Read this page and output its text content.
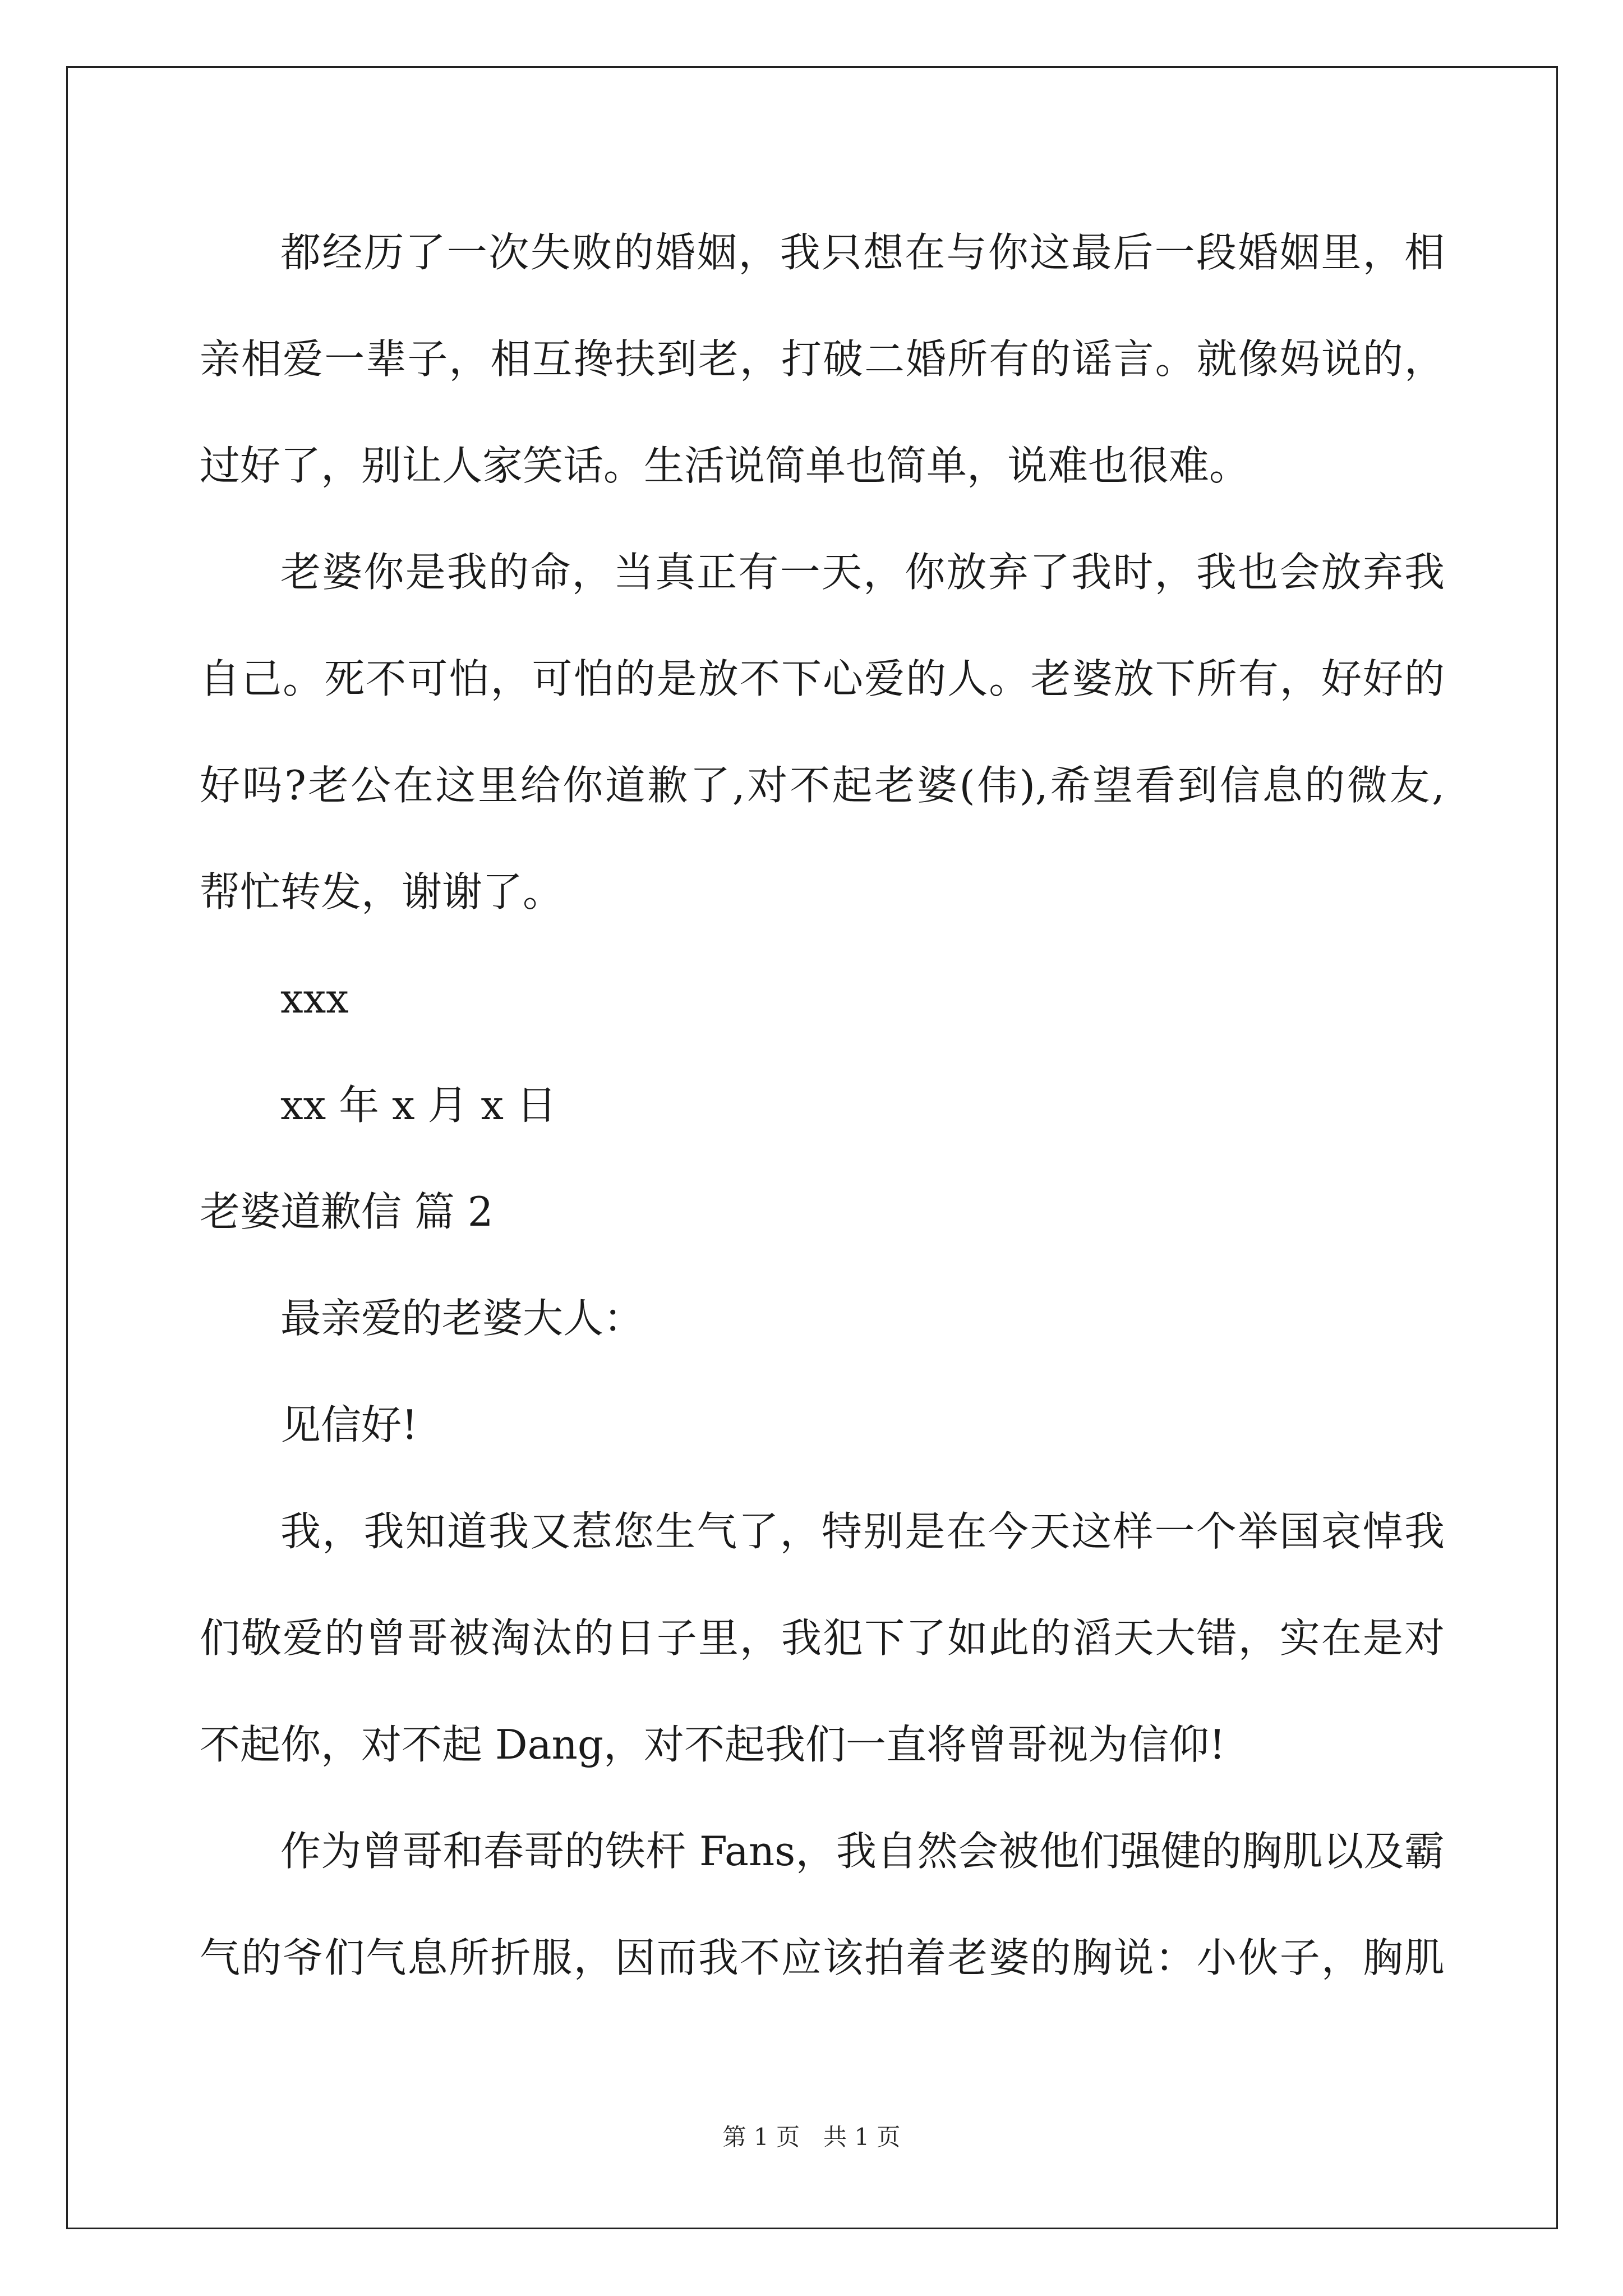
都经历了一次失败的婚姻，我只想在与你这最后一段婚姻里，相
亲相爱一辈子，相互搀扶到老，打破二婚所有的谣言。就像妈说的，
过好了，别让人家笑话。生活说简单也简单，说难也很难。
老婆你是我的命，当真正有一天，你放弃了我时，我也会放弃我
自己。死不可怕，可怕的是放不下心爱的人。老婆放下所有，好好的
好吗?老公在这里给你道歉了,对不起老婆(伟),希望看到信息的微友,
帮忙转发，谢谢了。
xxx
xx 年 x 月 x 日
老婆道歉信 篇 2
最亲爱的老婆大人：
见信好!
我，我知道我又惹您生气了，特别是在今天这样一个举国哀悼我
们敬爱的曾哥被淘汰的日子里，我犯下了如此的滔天大错，实在是对
不起你，对不起 Dang，对不起我们一直将曾哥视为信仰!
作为曾哥和春哥的铁杆 Fans，我自然会被他们强健的胸肌以及霸
气的爷们气息所折服，因而我不应该拍着老婆的胸说：小伙子，胸肌
第 1 页　共 1 页
